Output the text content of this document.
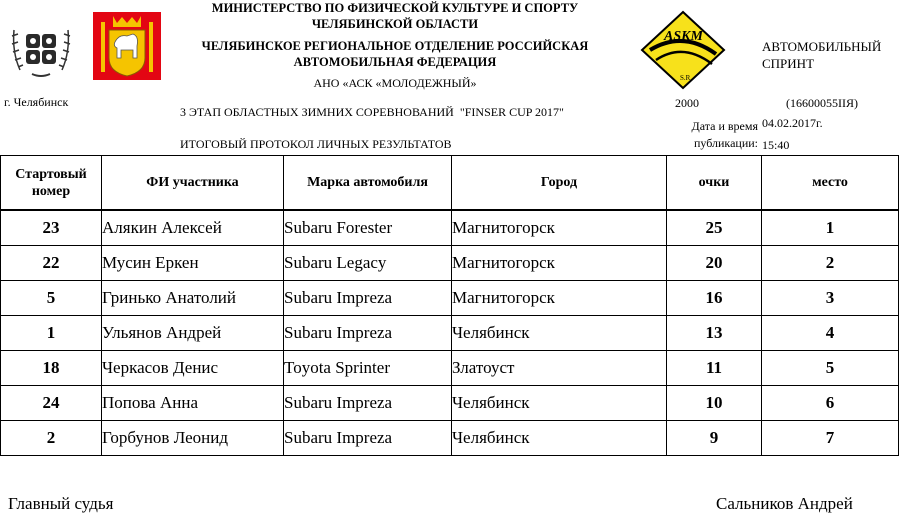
ASKM
S.R.
МИНИСТЕРСТВО ПО ФИЗИЧЕСКОЙ КУЛЬТУРЕ И СПОРТУ
ЧЕЛЯБИНСКОЙ ОБЛАСТИ
ЧЕЛЯБИНСКОЕ РЕГИОНАЛЬНОЕ ОТДЕЛЕНИЕ РОССИЙСКАЯ
АВТОМОБИЛЬНАЯ ФЕДЕРАЦИЯ
АНО «АСК «МОЛОДЕЖНЫЙ»
АВТОМОБИЛЬНЫЙ
СПРИНТ
г. Челябинск
3 ЭТАП ОБЛАСТНЫХ ЗИМНИХ СОРЕВНОВАНИЙ  "FINSER CUP 2017"
ИТОГОВЫЙ ПРОТОКОЛ ЛИЧНЫХ РЕЗУЛЬТАТОВ
2000	(16600055IIЯ)
Дата и время
публикации:
04.02.2017г.
15:40
Стартовый номер	ФИ участника	Марка автомобиля	Город	очки	место
23	Алякин Алексей	Subaru Forester	Магнитогорск	25	1
22	Мусин Еркен	Subaru Legacy	Магнитогорск	20	2
5	Гринько Анатолий	Subaru Impreza	Магнитогорск	16	3
1	Ульянов Андрей	Subaru Impreza	Челябинск	13	4
18	Черкасов Денис	Toyota Sprinter	Златоуст	11	5
24	Попова Анна	Subaru Impreza	Челябинск	10	6
2	Горбунов Леонид	Subaru Impreza	Челябинск	9	7
Главный судья	Сальников Андрей
